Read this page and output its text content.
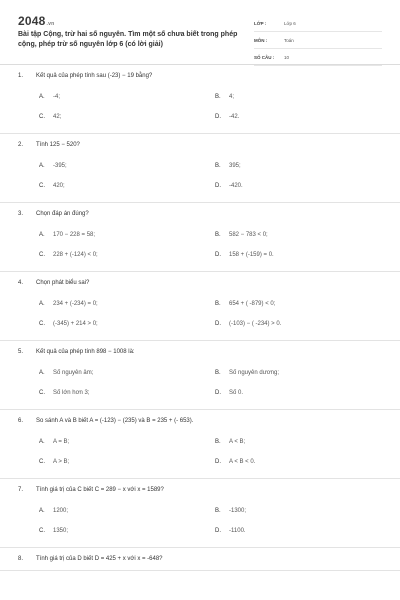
2048.vn
Bài tập Cộng, trừ hai số nguyên. Tìm một số chưa biết trong phép cộng, phép trừ số nguyên lớp 6 (có lời giải)
LỚP :	Lớp 6
MÔN :	Toán
SỐ CÂU :	10
1.	Kết quả của phép tính sau (-23) − 19 bằng?
A.	-4;	B.	4;
C.	42;	D.	-42.
2.	Tính 125 − 520?
A.	-395;	B.	395;
C.	420;	D.	-420.
3.	Chọn đáp án đúng?
A.	170 − 228 = 58;	B.	582 − 783 < 0;
C.	228 + (-124) < 0;	D.	158 + (-159) = 0.
4.	Chọn phát biểu sai?
A.	234 + (-234) = 0;	B.	654 + ( -879) < 0;
C.	(-345) + 214 > 0;	D.	(-103) − ( -234) > 0.
5.	Kết quả của phép tính 898 − 1008 là:
A.	Số nguyên âm;	B.	Số nguyên dương;
C.	Số lớn hơn 3;	D.	Số 0.
6.	So sánh A và B biết A = (-123) − (235) và B = 235 + (- 653).
A.	A = B;	B.	A < B;
C.	A > B;	D.	A < B < 0.
7.	Tính giá trị của C biết C = 289 − x với x = 1589?
A.	1200;	B.	-1300;
C.	1350;	D.	-1100.
8.	Tính giá trị của D biết D = 425 + x với x = -648?
